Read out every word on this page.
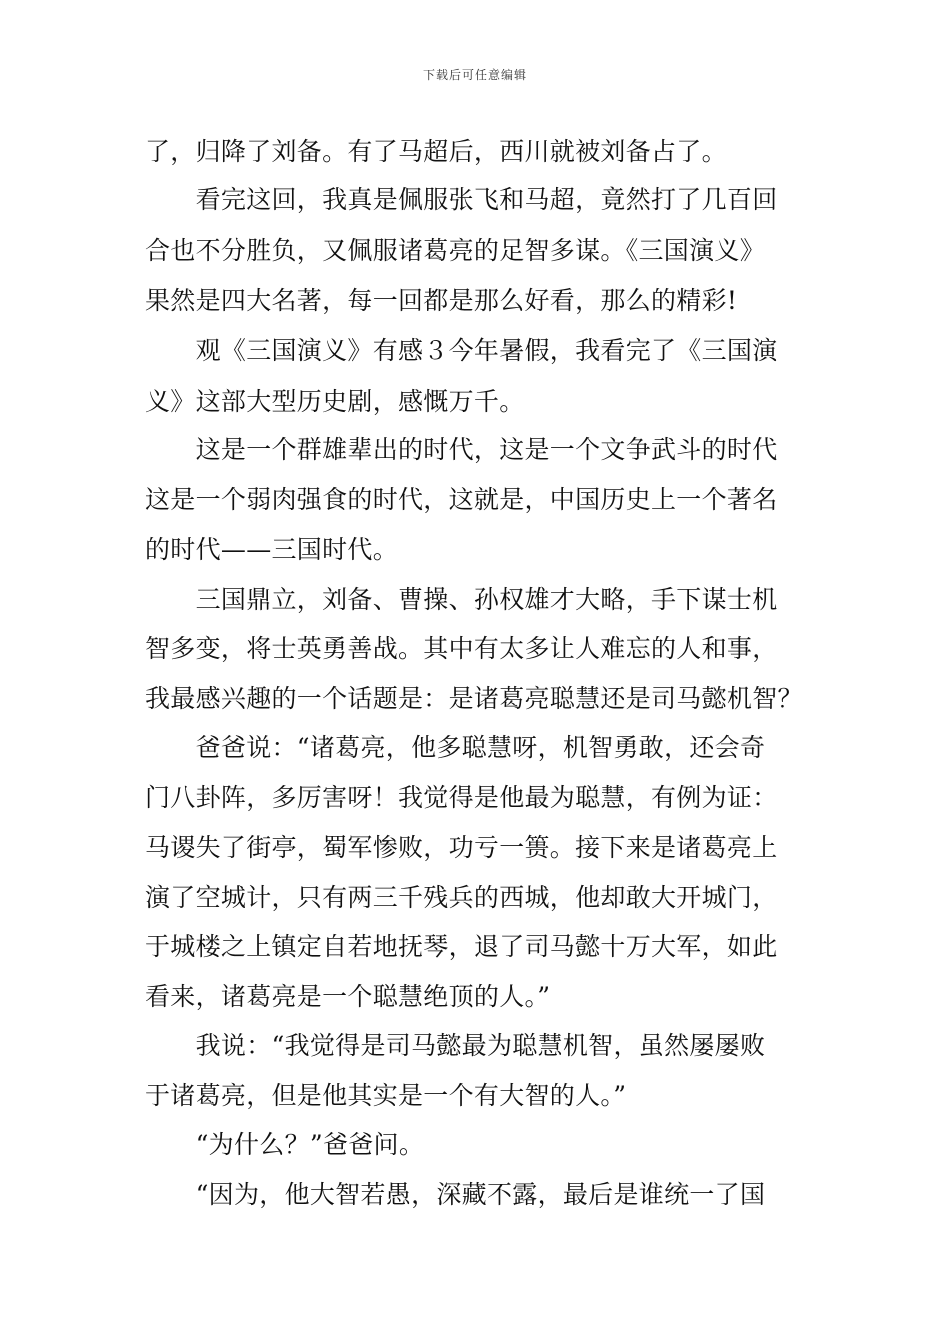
下载后可任意编辑
了，归降了刘备。有了马超后，西川就被刘备占了。
　　看完这回，我真是佩服张飞和马超，竟然打了几百回
合也不分胜负，又佩服诸葛亮的足智多谋。《三国演义》
果然是四大名著，每一回都是那么好看，那么的精彩!
　　观《三国演义》有感３今年暑假，我看完了《三国演
义》这部大型历史剧，感慨万千。
　　这是一个群雄辈出的时代，这是一个文争武斗的时代
这是一个弱肉强食的时代，这就是，中国历史上一个著名
的时代——三国时代。
　　三国鼎立，刘备、曹操、孙权雄才大略，手下谋士机
智多变，将士英勇善战。其中有太多让人难忘的人和事，
我最感兴趣的一个话题是：是诸葛亮聪慧还是司马懿机智？
　　爸爸说：“诸葛亮，他多聪慧呀，机智勇敢，还会奇
门八卦阵，多厉害呀！我觉得是他最为聪慧，有例为证：
马谡失了街亭，蜀军惨败，功亏一篑。接下来是诸葛亮上
演了空城计，只有两三千残兵的西城，他却敢大开城门，
于城楼之上镇定自若地抚琴，退了司马懿十万大军，如此
看来，诸葛亮是一个聪慧绝顶的人。”
　　我说：“我觉得是司马懿最为聪慧机智，虽然屡屡败
于诸葛亮，但是他其实是一个有大智的人。”
　　“为什么？”爸爸问。
　　“因为，他大智若愚，深藏不露，最后是谁统一了国
